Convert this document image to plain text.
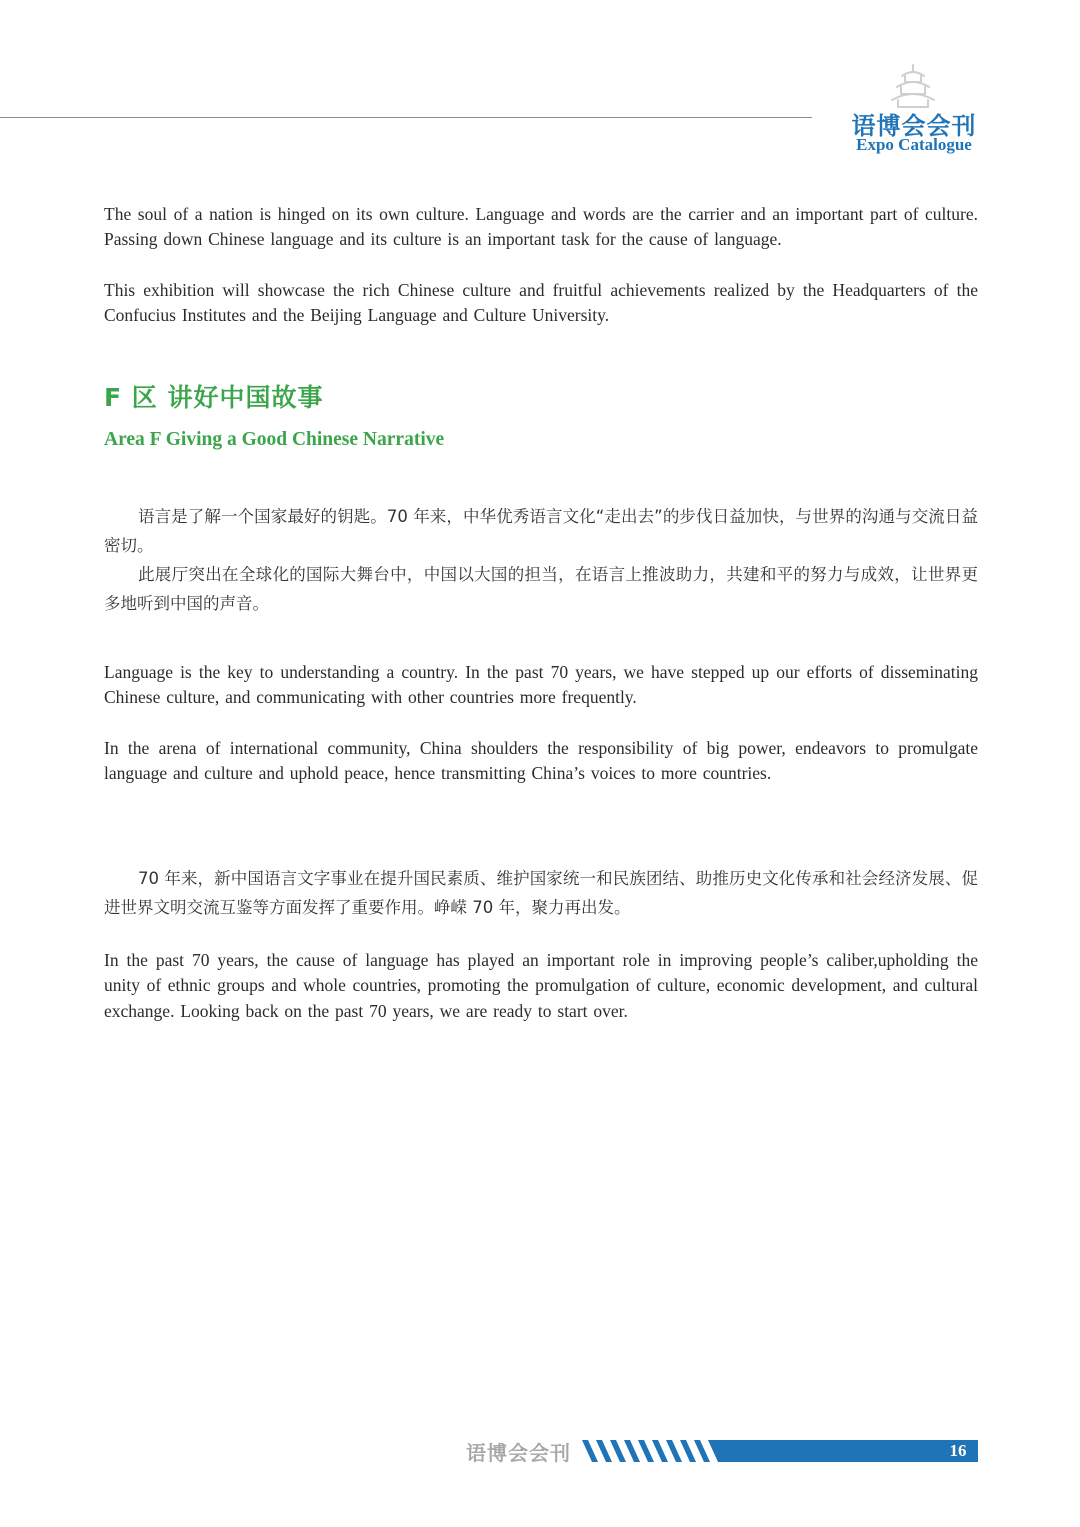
语博会会刊
Expo Catalogue

The soul of a nation is hinged on its own culture. Language and words are the carrier and an important part of culture. Passing down Chinese language and its culture is an important task for the cause of language.

This exhibition will showcase the rich Chinese culture and fruitful achievements realized by the Headquarters of the Confucius Institutes and the Beijing Language and Culture University.

F 区 讲好中国故事
Area F Giving a Good Chinese Narrative

语言是了解一个国家最好的钥匙。70 年来，中华优秀语言文化“走出去”的步伐日益加快，与世界的沟通与交流日益密切。

此展厅突出在全球化的国际大舞台中，中国以大国的担当，在语言上推波助力，共建和平的努力与成效，让世界更多地听到中国的声音。

Language is the key to understanding a country. In the past 70 years, we have stepped up our efforts of disseminating Chinese culture, and communicating with other countries more frequently.

In the arena of international community, China shoulders the responsibility of big power, endeavors to promulgate language and culture and uphold peace, hence transmitting China’s voices to more countries.

70 年来，新中国语言文字事业在提升国民素质、维护国家统一和民族团结、助推历史文化传承和社会经济发展、促进世界文明交流互鉴等方面发挥了重要作用。峥嵘 70 年，聚力再出发。

In the past 70 years, the cause of language has played an important role in improving people’s caliber,upholding the unity of ethnic groups and whole countries, promoting the promulgation of culture, economic development, and cultural exchange. Looking back on the past 70 years, we are ready to start over.

语博会会刊	16
